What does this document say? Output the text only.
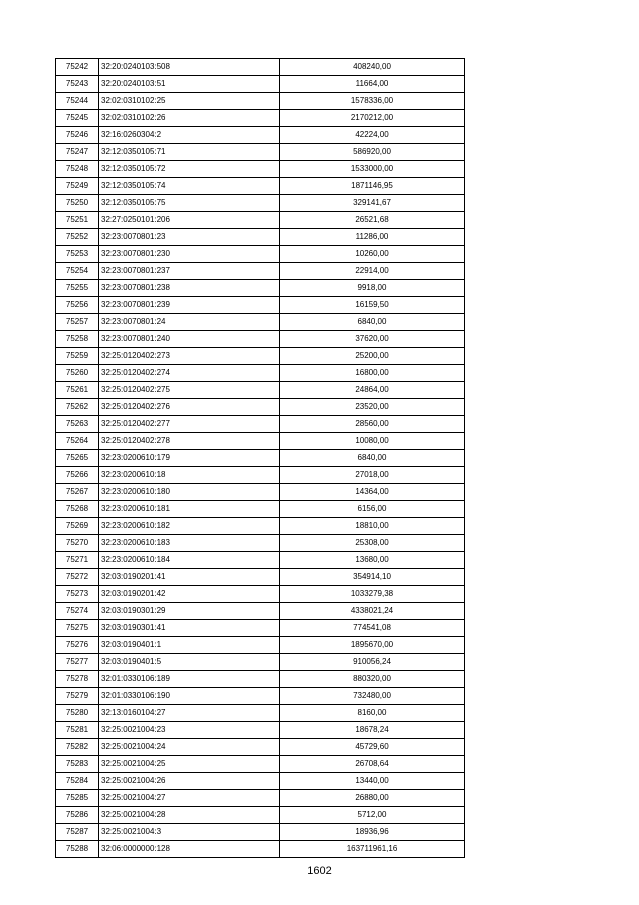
75242	32:20:0240103:508	408240,00
75243	32:20:0240103:51	11664,00
75244	32:02:0310102:25	1578336,00
75245	32:02:0310102:26	2170212,00
75246	32:16:0260304:2	42224,00
75247	32:12:0350105:71	586920,00
75248	32:12:0350105:72	1533000,00
75249	32:12:0350105:74	1871146,95
75250	32:12:0350105:75	329141,67
75251	32:27:0250101:206	26521,68
75252	32:23:0070801:23	11286,00
75253	32:23:0070801:230	10260,00
75254	32:23:0070801:237	22914,00
75255	32:23:0070801:238	9918,00
75256	32:23:0070801:239	16159,50
75257	32:23:0070801:24	6840,00
75258	32:23:0070801:240	37620,00
75259	32:25:0120402:273	25200,00
75260	32:25:0120402:274	16800,00
75261	32:25:0120402:275	24864,00
75262	32:25:0120402:276	23520,00
75263	32:25:0120402:277	28560,00
75264	32:25:0120402:278	10080,00
75265	32:23:0200610:179	6840,00
75266	32:23:0200610:18	27018,00
75267	32:23:0200610:180	14364,00
75268	32:23:0200610:181	6156,00
75269	32:23:0200610:182	18810,00
75270	32:23:0200610:183	25308,00
75271	32:23:0200610:184	13680,00
75272	32:03:0190201:41	354914,10
75273	32:03:0190201:42	1033279,38
75274	32:03:0190301:29	4338021,24
75275	32:03:0190301:41	774541,08
75276	32:03:0190401:1	1895670,00
75277	32:03:0190401:5	910056,24
75278	32:01:0330106:189	880320,00
75279	32:01:0330106:190	732480,00
75280	32:13:0160104:27	8160,00
75281	32:25:0021004:23	18678,24
75282	32:25:0021004:24	45729,60
75283	32:25:0021004:25	26708,64
75284	32:25:0021004:26	13440,00
75285	32:25:0021004:27	26880,00
75286	32:25:0021004:28	5712,00
75287	32:25:0021004:3	18936,96
75288	32:06:0000000:128	163711961,16
1602
